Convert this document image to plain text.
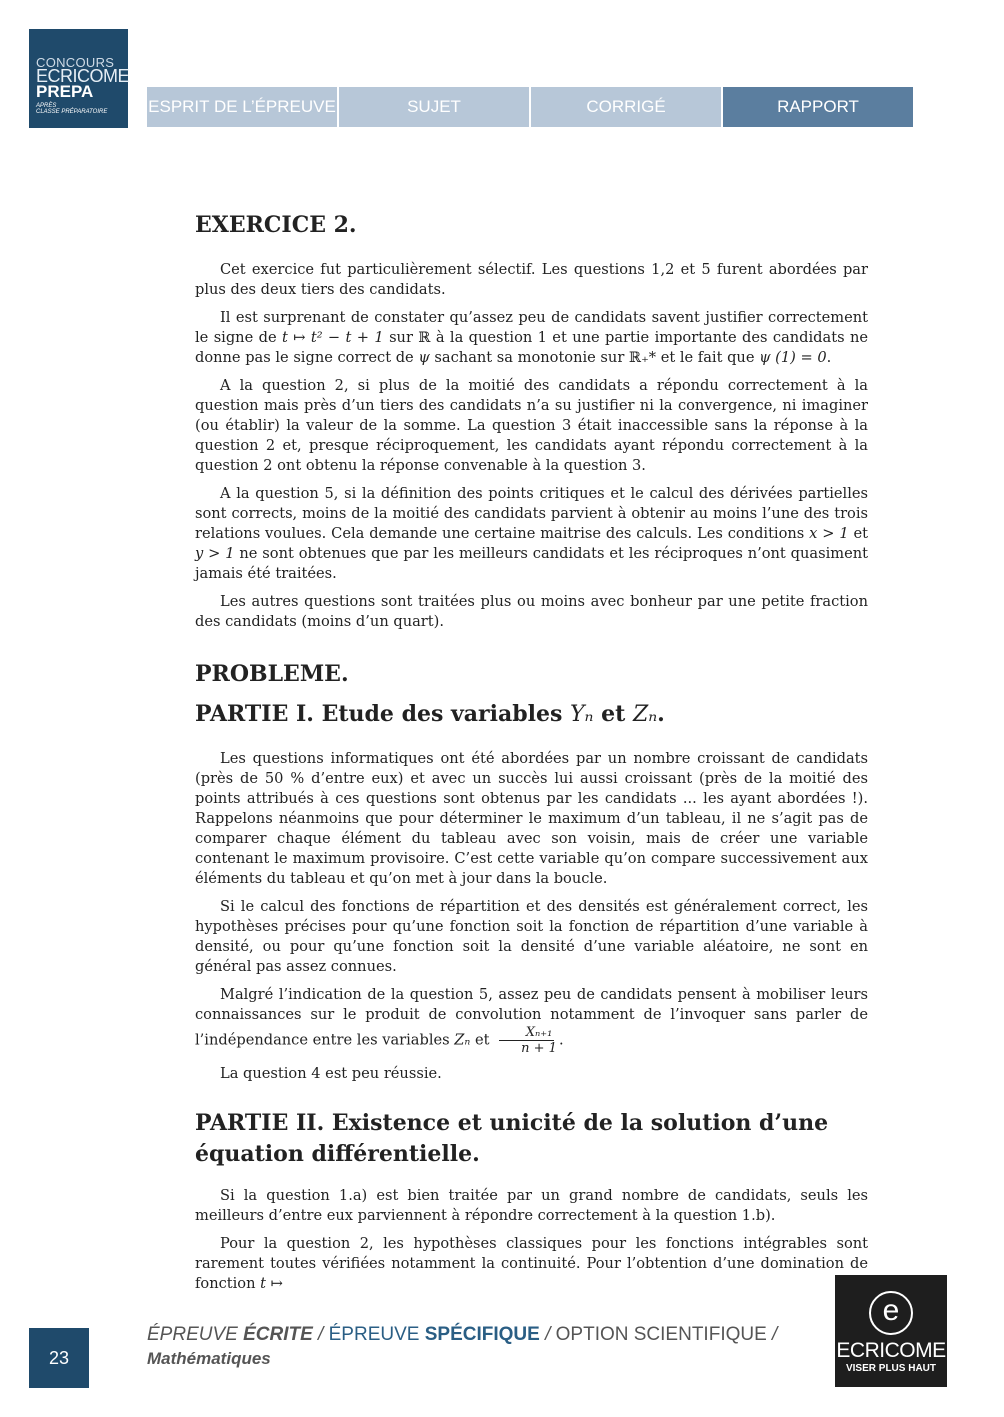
CONCOURS
ECRICOME
PREPA
APRÈS
CLASSE PRÉPARATOIRE	ESPRIT DE L’ÉPREUVE	SUJET	CORRIGÉ	RAPPORT
EXERCICE 2.

Cet exercice fut particulièrement sélectif. Les questions 1,2 et 5 furent abordées par plus des deux tiers des candidats.

Il est surprenant de constater qu’assez peu de candidats savent justifier correctement le signe de t ↦ t² − t + 1 sur ℝ à la question 1 et une partie importante des candidats ne donne pas le signe correct de ψ sachant sa monotonie sur ℝ₊* et le fait que ψ (1) = 0.

A la question 2, si plus de la moitié des candidats a répondu correctement à la question mais près d’un tiers des candidats n’a su justifier ni la convergence, ni imaginer (ou établir) la valeur de la somme. La question 3 était inaccessible sans la réponse à la question 2 et, presque réciproquement, les candidats ayant répondu correctement à la question 2 ont obtenu la réponse convenable à la question 3.

A la question 5, si la définition des points critiques et le calcul des dérivées partielles sont corrects, moins de la moitié des candidats parvient à obtenir au moins l’une des trois relations voulues. Cela demande une certaine maitrise des calculs. Les conditions x > 1 et y > 1 ne sont obtenues que par les meilleurs candidats et les réciproques n’ont quasiment jamais été traitées.

Les autres questions sont traitées plus ou moins avec bonheur par une petite fraction des candidats (moins d’un quart).

PROBLEME.
PARTIE I. Etude des variables Yₙ et Zₙ.

Les questions informatiques ont été abordées par un nombre croissant de candidats (près de 50 % d’entre eux) et avec un succès lui aussi croissant (près de la moitié des points attribués à ces questions sont obtenus par les candidats ... les ayant abordées !). Rappelons néanmoins que pour déterminer le maximum d’un tableau, il ne s’agit pas de comparer chaque élément du tableau avec son voisin, mais de créer une variable contenant le maximum provisoire. C’est cette variable qu’on compare successivement aux éléments du tableau et qu’on met à jour dans la boucle.

Si le calcul des fonctions de répartition et des densités est généralement correct, les hypothèses précises pour qu’une fonction soit la fonction de répartition d’une variable à densité, ou pour qu’une fonction soit la densité d’une variable aléatoire, ne sont en général pas assez connues.

Malgré l’indication de la question 5, assez peu de candidats pensent à mobiliser leurs connaissances sur le produit de convolution notamment de l’invoquer sans parler de l’indépendance entre les variables Zₙ et $\frac{\text{Xₙ₊₁}}{n + 1}$ .

La question 4 est peu réussie.

PARTIE II. Existence et unicité de la solution d’une équation différentielle.

Si la question 1.a) est bien traitée par un grand nombre de candidats, seuls les meilleurs d’entre eux parviennent à répondre correctement à la question 1.b).

Pour la question 2, les hypothèses classiques pour les fonctions intégrables sont rarement toutes vérifiées notamment la continuité. Pour l’obtention d’une domination de fonction t ↦

23
ÉPREUVE ÉCRITE / ÉPREUVE SPÉCIFIQUE / OPTION SCIENTIFIQUE /
Mathématiques
e
ECRICOME
VISER PLUS HAUT
